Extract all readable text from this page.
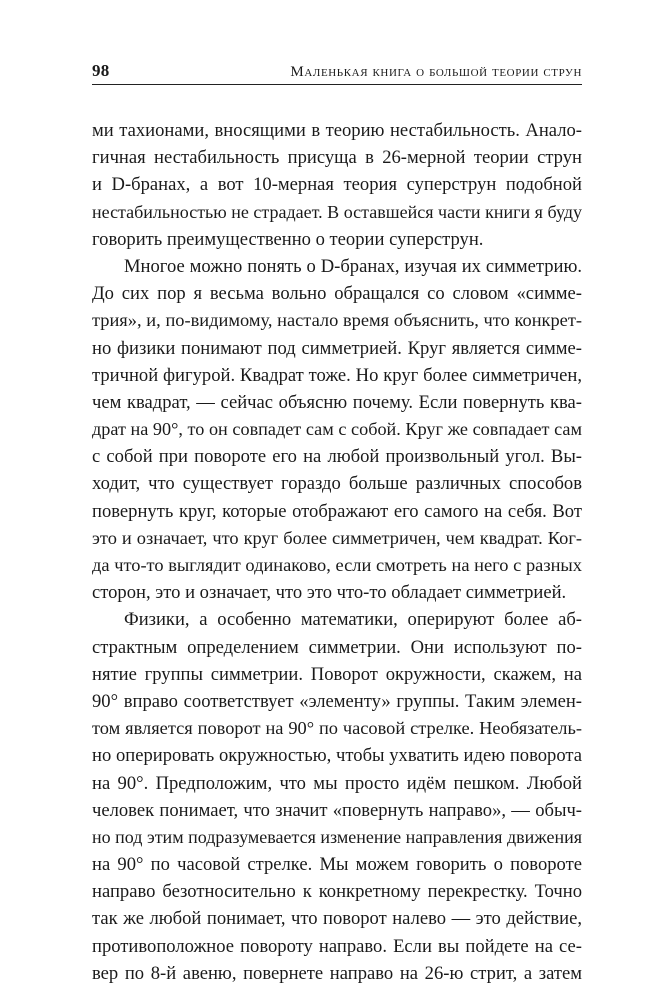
98	Маленькая книга о большой теории струн
ми тахионами, вносящими в теорию нестабильность. Анало-
гичная нестабильность присуща в 26-мерной теории струн
и D-бранах, а вот 10-мерная теория суперструн подобной
нестабильностью не страдает. В оставшейся части книги я буду
говорить преимущественно о теории суперструн.
Многое можно понять о D-бранах, изучая их симметрию.
До сих пор я весьма вольно обращался со словом «симме-
трия», и, по-видимому, настало время объяснить, что конкрет-
но физики понимают под симметрией. Круг является симме-
тричной фигурой. Квадрат тоже. Но круг более симметричен,
чем квадрат, — сейчас объясню почему. Если повернуть ква-
драт на 90°, то он совпадет сам с собой. Круг же совпадает сам
с собой при повороте его на любой произвольный угол. Вы-
ходит, что существует гораздо больше различных способов
повернуть круг, которые отображают его самого на себя. Вот
это и означает, что круг более симметричен, чем квадрат. Ког-
да что-то выглядит одинаково, если смотреть на него с разных
сторон, это и означает, что это что-то обладает симметрией.
Физики, а особенно математики, оперируют более аб-
страктным определением симметрии. Они используют по-
нятие группы симметрии. Поворот окружности, скажем, на
90° вправо соответствует «элементу» группы. Таким элемен-
том является поворот на 90° по часовой стрелке. Необязатель-
но оперировать окружностью, чтобы ухватить идею поворота
на 90°. Предположим, что мы просто идём пешком. Любой
человек понимает, что значит «повернуть направо», — обыч-
но под этим подразумевается изменение направления движения
на 90° по часовой стрелке. Мы можем говорить о повороте
направо безотносительно к конкретному перекрестку. Точно
так же любой понимает, что поворот налево — это действие,
противоположное повороту направо. Если вы пойдете на се-
вер по 8-й авеню, повернете направо на 26-ю стрит, а затем
